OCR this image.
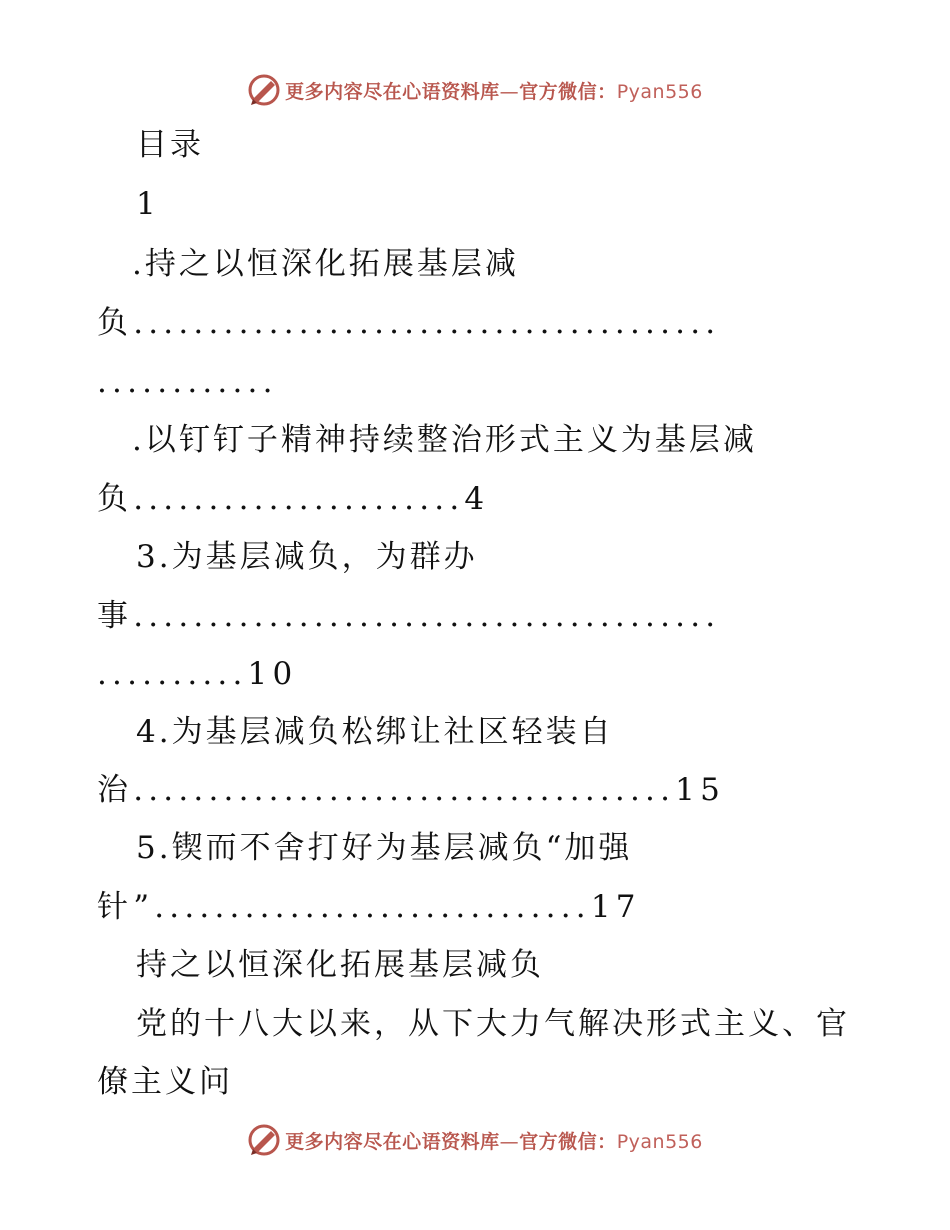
更多内容尽在心语资料库—官方微信：Pyan556
目录
1
.持之以恒深化拓展基层减
负.......................................
............
.以钉钉子精神持续整治形式主义为基层减
负......................4
3.为基层减负，为群办
事.......................................
..........10
4.为基层减负松绑让社区轻装自
治....................................15
5.锲而不舍打好为基层减负“加强
针”.............................17
持之以恒深化拓展基层减负
党的十八大以来，从下大力气解决形式主义、官
僚主义问
更多内容尽在心语资料库—官方微信：Pyan556
